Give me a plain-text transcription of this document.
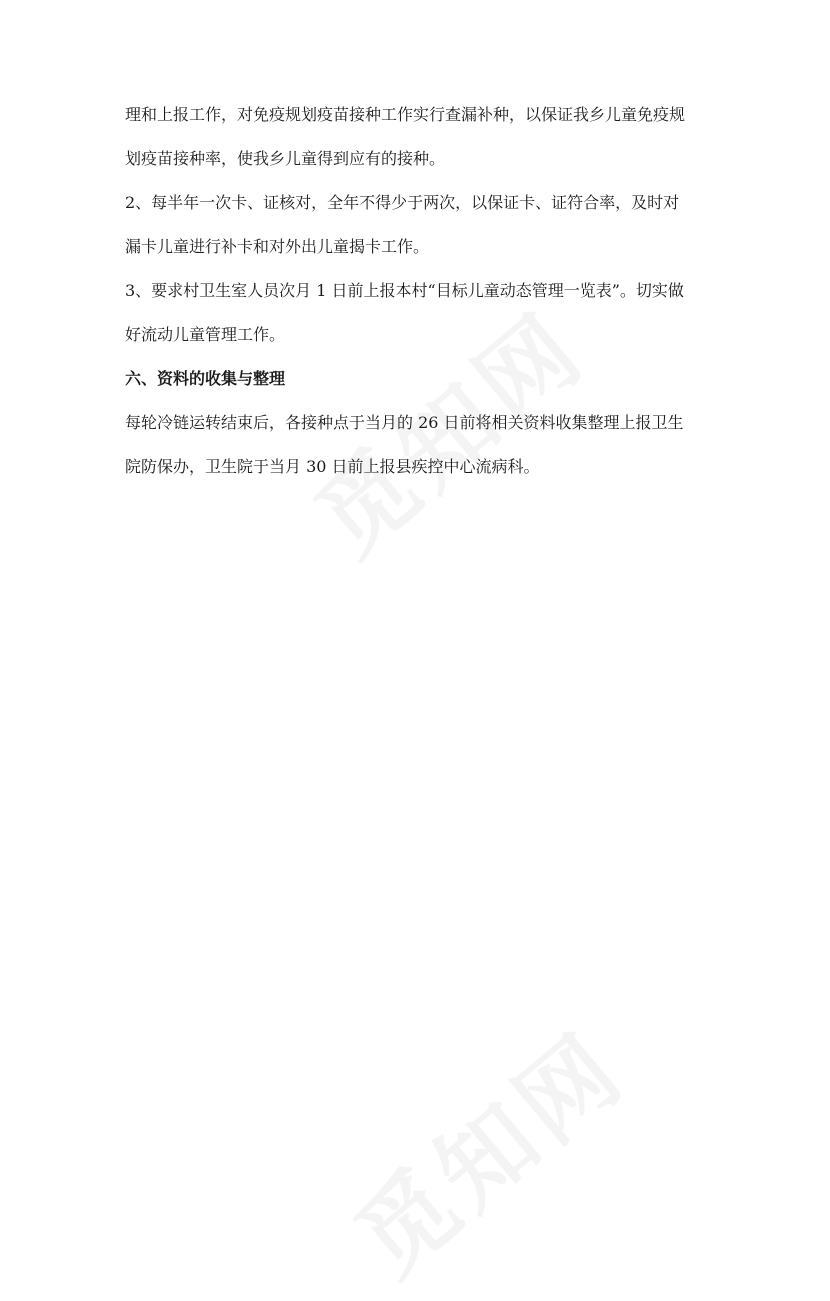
理和上报工作，对免疫规划疫苗接种工作实行查漏补种，以保证我乡儿童免疫规

划疫苗接种率，使我乡儿童得到应有的接种。

2、每半年一次卡、证核对，全年不得少于两次，以保证卡、证符合率，及时对

漏卡儿童进行补卡和对外出儿童揭卡工作。

3、要求村卫生室人员次月 1 日前上报本村“目标儿童动态管理一览表”。切实做

好流动儿童管理工作。

六、资料的收集与整理

每轮冷链运转结束后，各接种点于当月的 26 日前将相关资料收集整理上报卫生

院防保办，卫生院于当月 30 日前上报县疾控中心流病科。
